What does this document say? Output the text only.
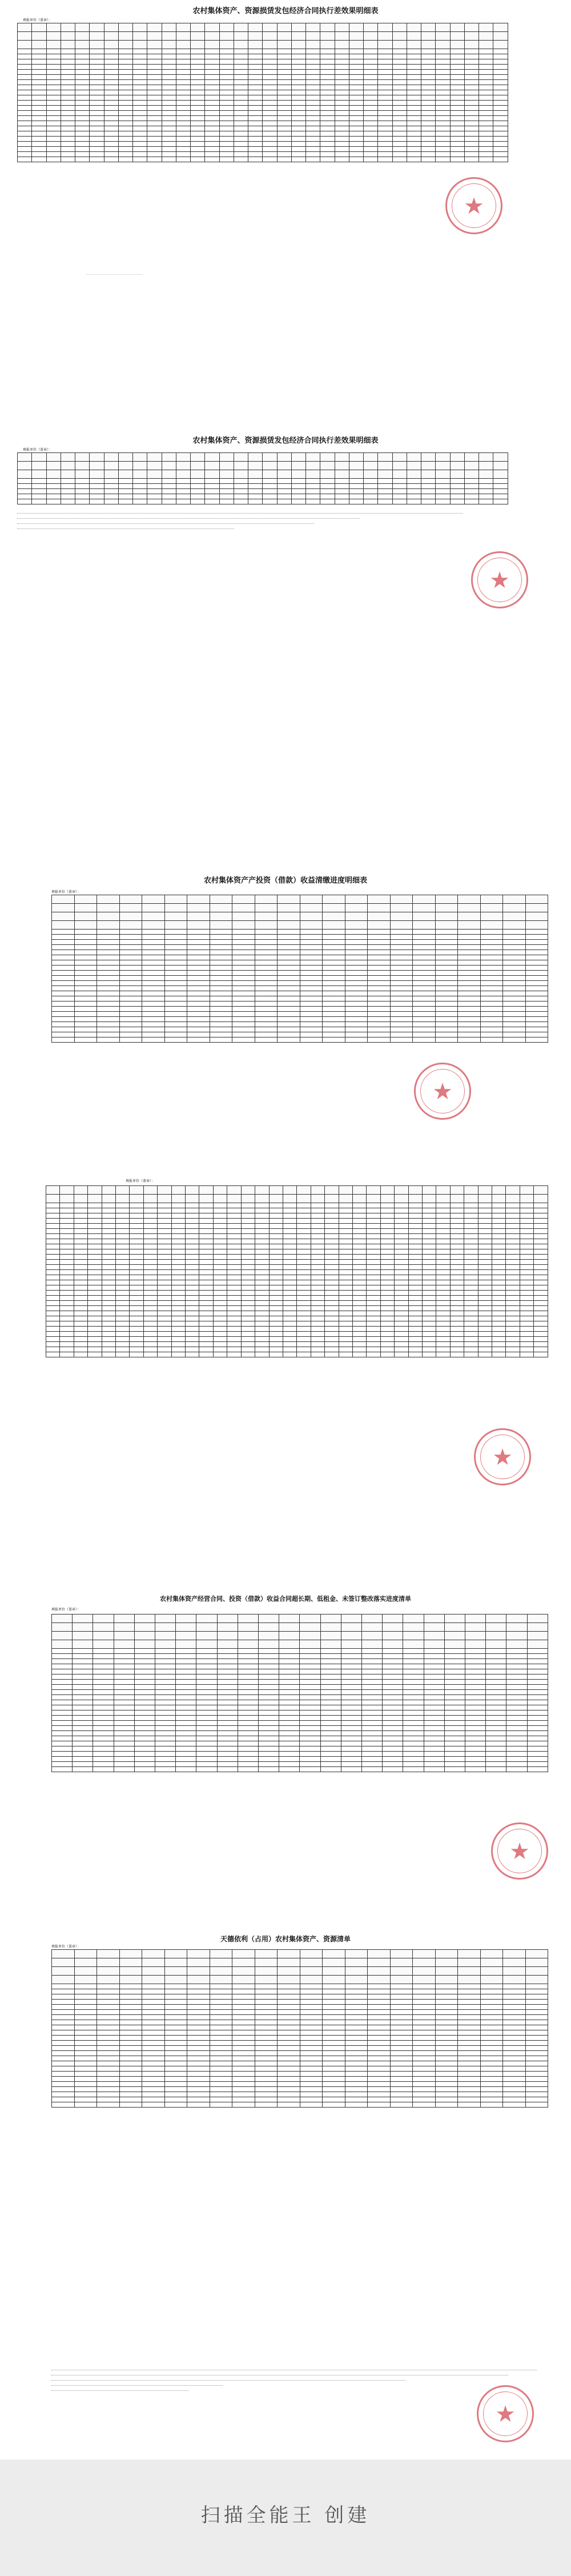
农村集体资产、资源损赁发包经济合同执行差效果明细表
填报单位（盖章）：

★
农村集体资产、资源损赁发包经济合同执行差效果明细表
填报单位（盖章）：

★
农村集体资产产投资（借款）收益清缴进度明细表
填报单位（盖章）：

★
填报单位（盖章）：

★
农村集体资产经营合同、投资（借款）收益合同超长期、低租金、未签订整改落实进度清单
填报单位（盖章）：

★
天德依利（占用）农村集体资产、资源清单
填报单位（盖章）：

★
扫描全能王 创建
